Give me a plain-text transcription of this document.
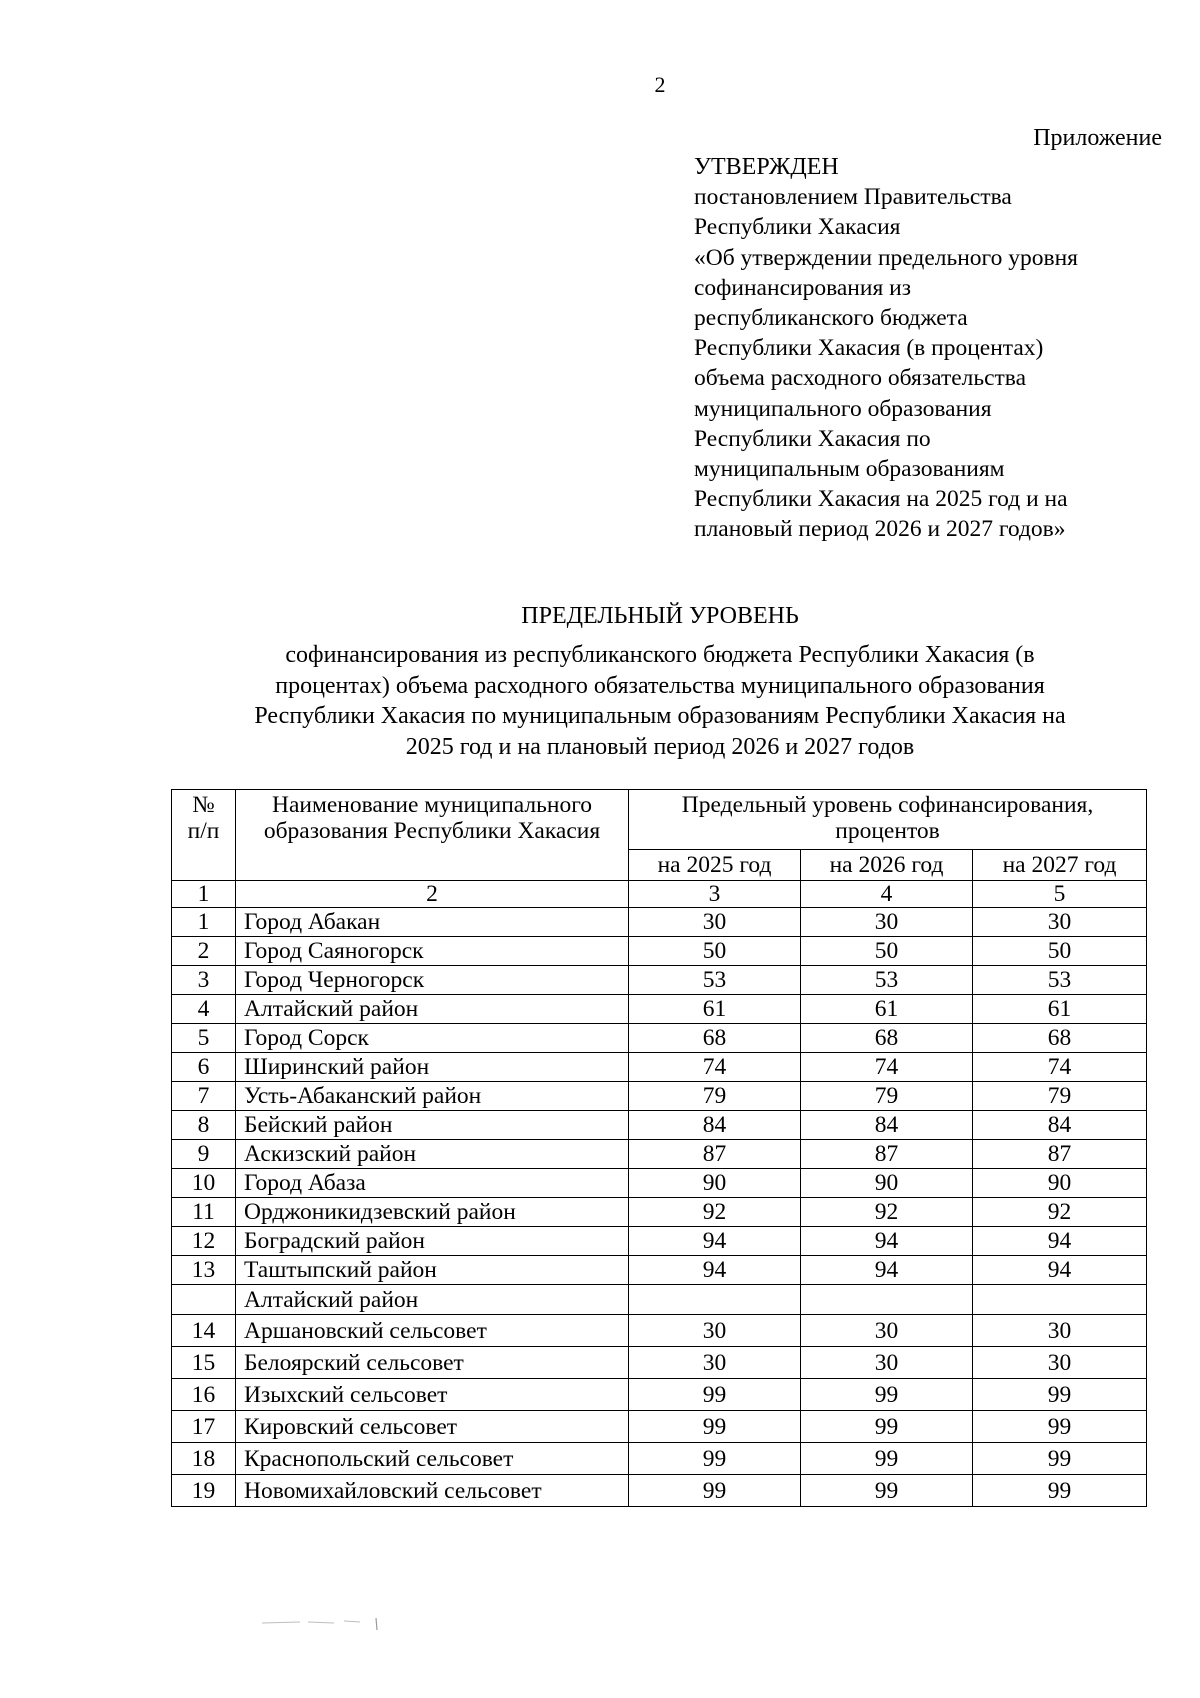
2
Приложение
УТВЕРЖДЕН
постановлением Правительства
Республики Хакасия
«Об утверждении предельного уровня
софинансирования из
республиканского бюджета
Республики Хакасия (в процентах)
объема расходного обязательства
муниципального образования
Республики Хакасия по
муниципальным образованиям
Республики Хакасия на 2025 год и на
плановый период 2026 и 2027 годов»
ПРЕДЕЛЬНЫЙ УРОВЕНЬ
софинансирования из республиканского бюджета Республики Хакасия (в
процентах) объема расходного обязательства муниципального образования
Республики Хакасия по муниципальным образованиям Республики Хакасия на
2025 год и на плановый период 2026 и 2027 годов
№ п/п	Наименование муниципального образования Республики Хакасия	Предельный уровень софинансирования, процентов		
		на 2025 год	на 2026 год	на 2027 год
1	2	3	4	5
1	Город Абакан	30	30	30
2	Город Саяногорск	50	50	50
3	Город Черногорск	53	53	53
4	Алтайский район	61	61	61
5	Город Сорск	68	68	68
6	Ширинский район	74	74	74
7	Усть-Абаканский район	79	79	79
8	Бейский район	84	84	84
9	Аскизский район	87	87	87
10	Город Абаза	90	90	90
11	Орджоникидзевский район	92	92	92
12	Боградский район	94	94	94
13	Таштыпский район	94	94	94
	Алтайский район			
14	Аршановский сельсовет	30	30	30
15	Белоярский сельсовет	30	30	30
16	Изыхский сельсовет	99	99	99
17	Кировский сельсовет	99	99	99
18	Краснопольский сельсовет	99	99	99
19	Новомихайловский сельсовет	99	99	99
